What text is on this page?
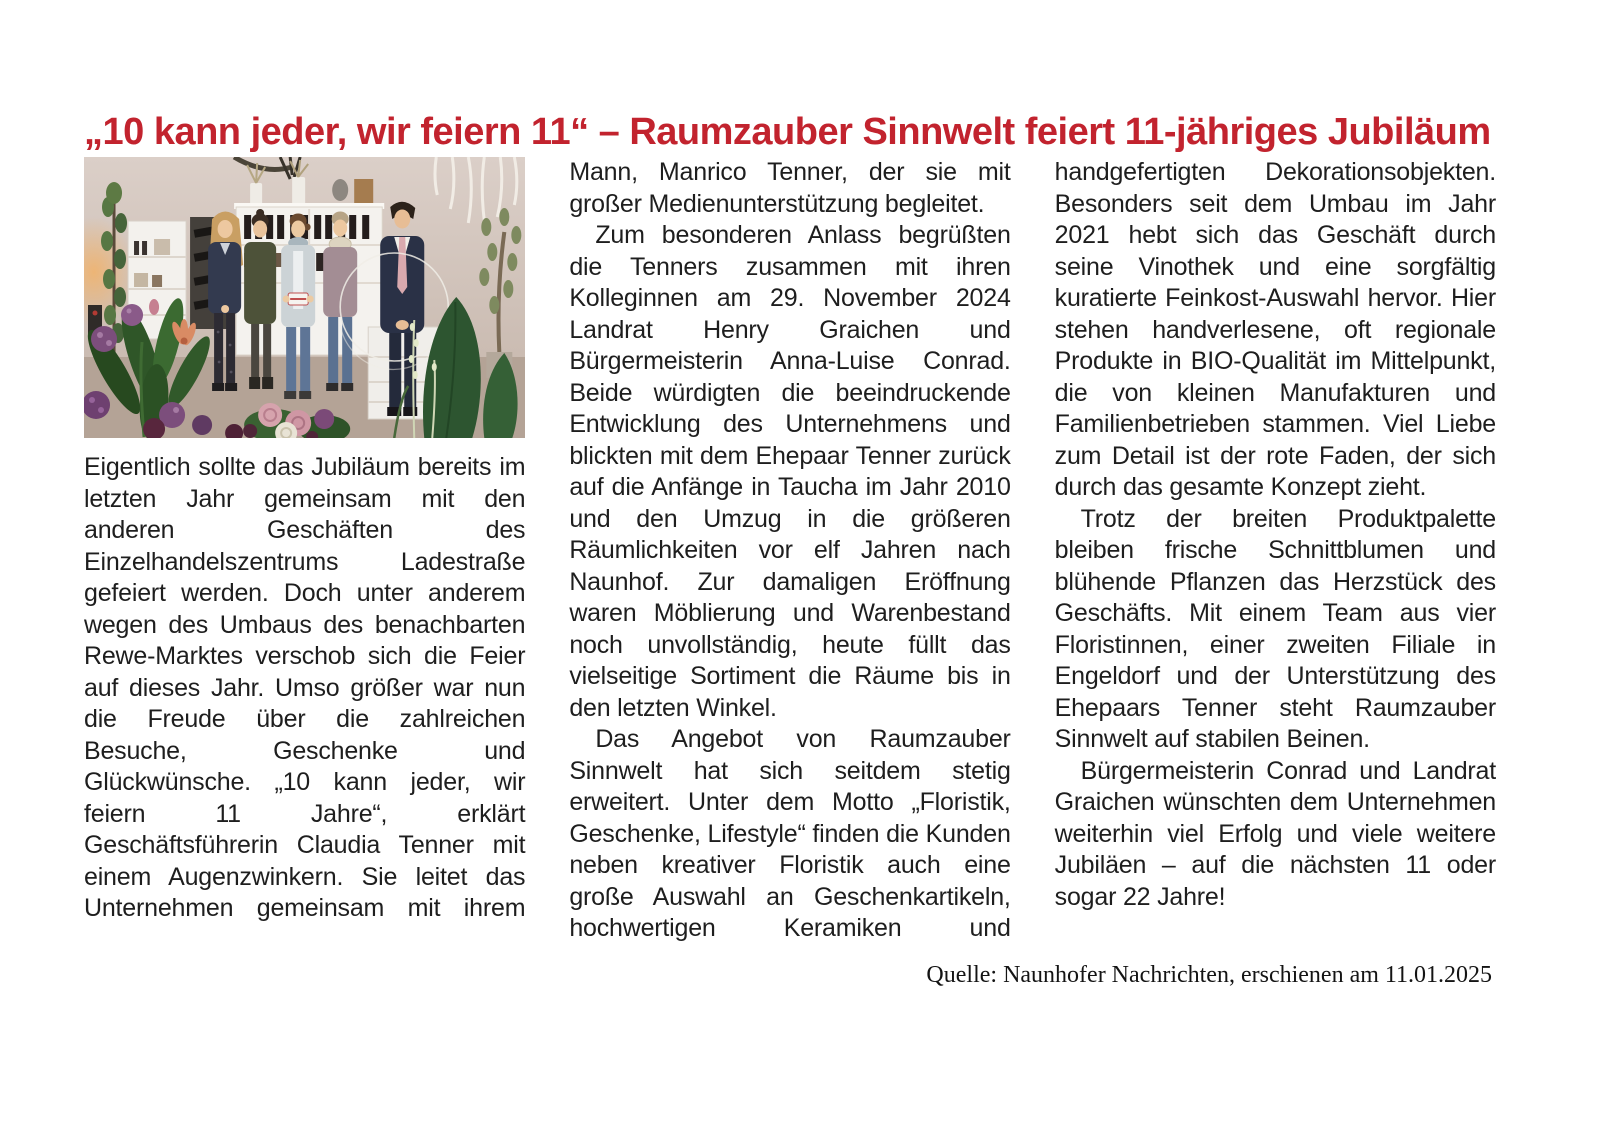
„10 kann jeder, wir feiern 11“ – Raumzauber Sinnwelt feiert 11-jähriges Jubiläum

Eigentlich sollte das Jubiläum bereits im letzten Jahr gemeinsam mit den anderen Geschäften des Einzelhandelszentrums Ladestraße gefeiert werden. Doch unter anderem wegen des Umbaus des benachbarten Rewe-Marktes verschob sich die Feier auf dieses Jahr. Umso größer war nun die Freude über die zahlreichen Besuche, Geschenke und Glückwünsche. „10 kann jeder, wir feiern 11 Jahre“, erklärt Geschäftsführerin Claudia Tenner mit einem Augenzwinkern. Sie leitet das Unternehmen gemeinsam mit ihrem Mann, Manrico Tenner, der sie mit großer Medienunterstützung begleitet.

Zum besonderen Anlass begrüßten die Tenners zusammen mit ihren Kolleginnen am 29. November 2024 Landrat Henry Graichen und Bürgermeisterin Anna-Luise Conrad. Beide würdigten die beeindruckende Entwicklung des Unternehmens und blickten mit dem Ehepaar Tenner zurück auf die Anfänge in Taucha im Jahr 2010 und den Umzug in die größeren Räumlichkeiten vor elf Jahren nach Naunhof. Zur damaligen Eröffnung waren Möblierung und Warenbestand noch unvollständig, heute füllt das vielseitige Sortiment die Räume bis in den letzten Winkel.

Das Angebot von Raumzauber Sinnwelt hat sich seitdem stetig erweitert. Unter dem Motto „Floristik, Geschenke, Lifestyle“ finden die Kunden neben kreativer Floristik auch eine große Auswahl an Geschenkartikeln, hochwertigen Keramiken und handgefertigten Dekorationsobjekten. Besonders seit dem Umbau im Jahr 2021 hebt sich das Geschäft durch seine Vinothek und eine sorgfältig kuratierte Feinkost-Auswahl hervor. Hier stehen handverlesene, oft regionale Produkte in BIO-Qualität im Mittelpunkt, die von kleinen Manufakturen und Familienbetrieben stammen. Viel Liebe zum Detail ist der rote Faden, der sich durch das gesamte Konzept zieht.

Trotz der breiten Produktpalette bleiben frische Schnittblumen und blühende Pflanzen das Herzstück des Geschäfts. Mit einem Team aus vier Floristinnen, einer zweiten Filiale in Engeldorf und der Unterstützung des Ehepaars Tenner steht Raumzauber Sinnwelt auf stabilen Beinen.

Bürgermeisterin Conrad und Landrat Graichen wünschten dem Unternehmen weiterhin viel Erfolg und viele weitere Jubiläen – auf die nächsten 11 oder sogar 22 Jahre!

Quelle: Naunhofer Nachrichten, erschienen am 11.01.2025
